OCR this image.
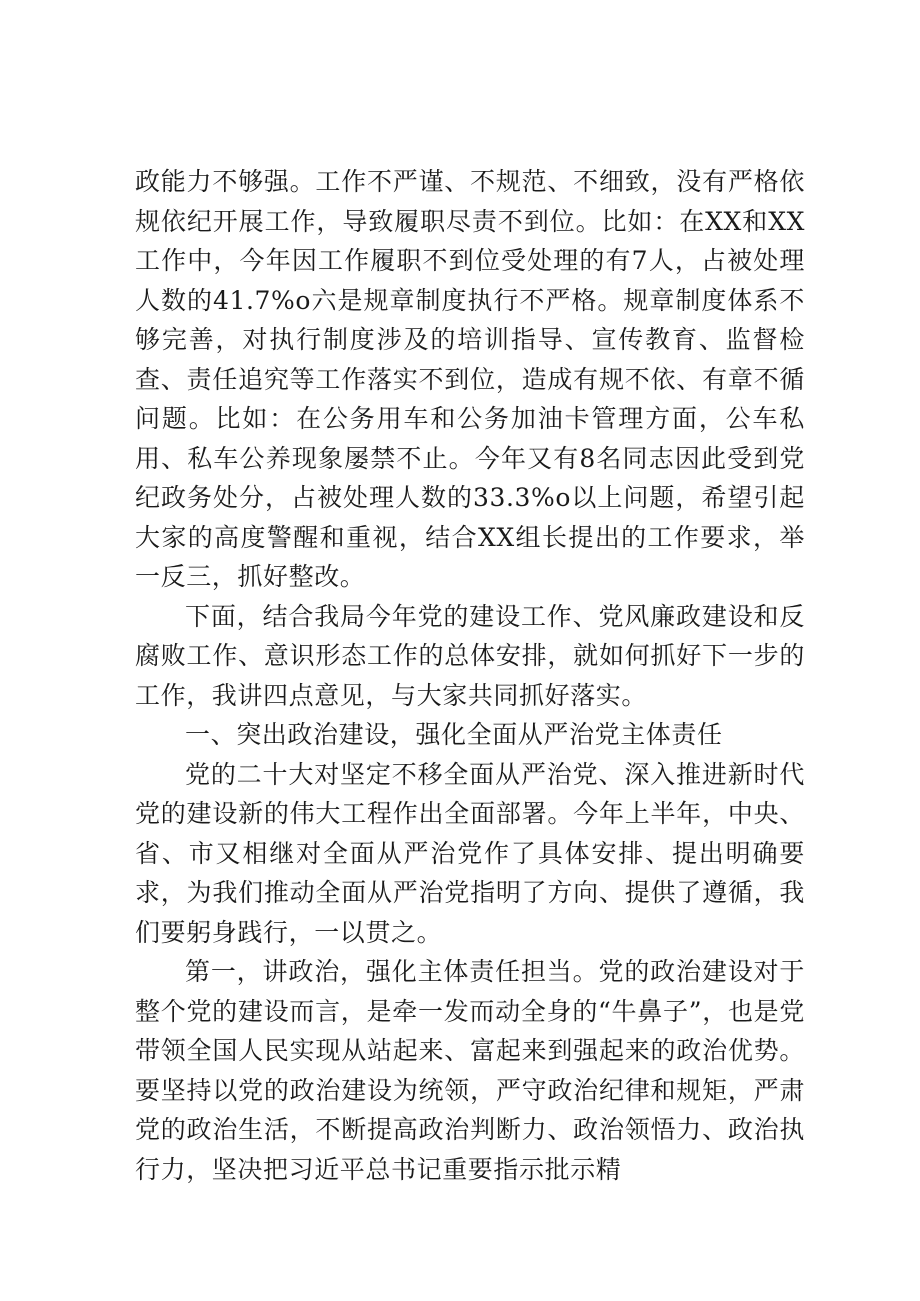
政能力不够强。工作不严谨、不规范、不细致，没有严格依规依纪开展工作，导致履职尽责不到位。比如：在XX和XX工作中，今年因工作履职不到位受处理的有7人，占被处理人数的41.7%o六是规章制度执行不严格。规章制度体系不够完善，对执行制度涉及的培训指导、宣传教育、监督检查、责任追究等工作落实不到位，造成有规不依、有章不循问题。比如：在公务用车和公务加油卡管理方面，公车私用、私车公养现象屡禁不止。今年又有8名同志因此受到党纪政务处分，占被处理人数的33.3%o以上问题，希望引起大家的高度警醒和重视，结合XX组长提出的工作要求，举一反三，抓好整改。

下面，结合我局今年党的建设工作、党风廉政建设和反腐败工作、意识形态工作的总体安排，就如何抓好下一步的工作，我讲四点意见，与大家共同抓好落实。

一、突出政治建设，强化全面从严治党主体责任

党的二十大对坚定不移全面从严治党、深入推进新时代党的建设新的伟大工程作出全面部署。今年上半年，中央、省、市又相继对全面从严治党作了具体安排、提出明确要求，为我们推动全面从严治党指明了方向、提供了遵循，我们要躬身践行，一以贯之。

第一，讲政治，强化主体责任担当。党的政治建设对于整个党的建设而言，是牵一发而动全身的“牛鼻子”，也是党带领全国人民实现从站起来、富起来到强起来的政治优势。要坚持以党的政治建设为统领，严守政治纪律和规矩，严肃党的政治生活，不断提高政治判断力、政治领悟力、政治执行力，坚决把习近平总书记重要指示批示精
